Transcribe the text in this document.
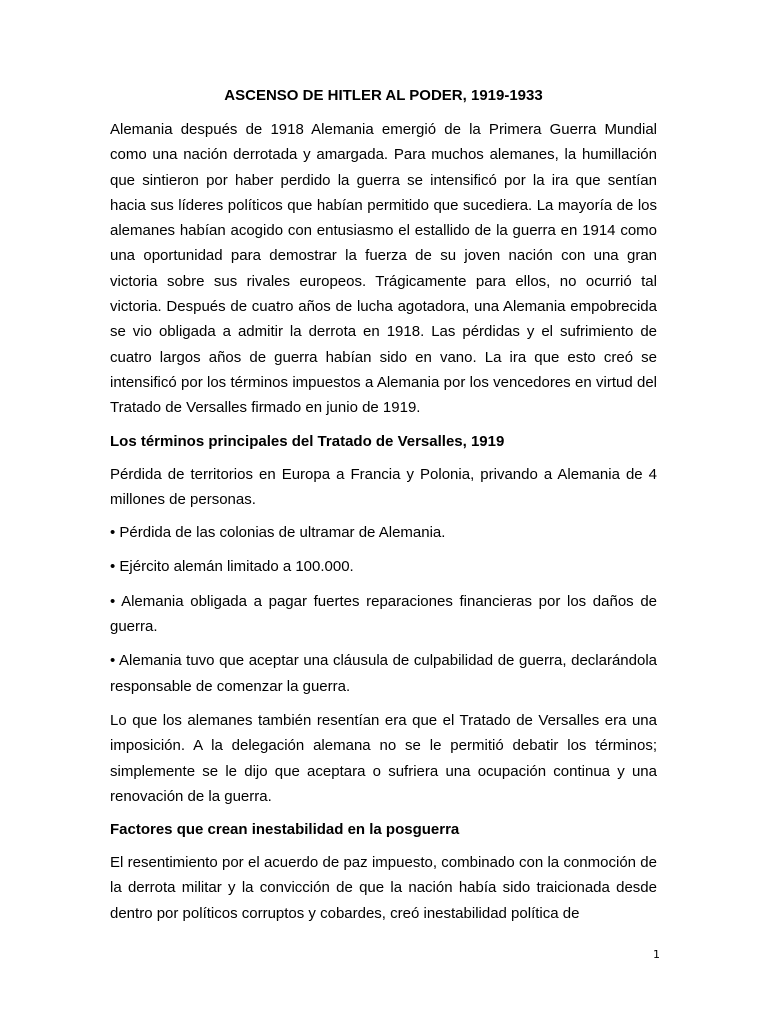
ASCENSO DE HITLER AL PODER, 1919-1933

Alemania después de 1918 Alemania emergió de la Primera Guerra Mundial como una nación derrotada y amargada. Para muchos alemanes, la humillación que sintieron por haber perdido la guerra se intensificó por la ira que sentían hacia sus líderes políticos que habían permitido que sucediera. La mayoría de los alemanes habían acogido con entusiasmo el estallido de la guerra en 1914 como una oportunidad para demostrar la fuerza de su joven nación con una gran victoria sobre sus rivales europeos. Trágicamente para ellos, no ocurrió tal victoria. Después de cuatro años de lucha agotadora, una Alemania empobrecida se vio obligada a admitir la derrota en 1918. Las pérdidas y el sufrimiento de cuatro largos años de guerra habían sido en vano. La ira que esto creó se intensificó por los términos impuestos a Alemania por los vencedores en virtud del Tratado de Versalles firmado en junio de 1919.

Los términos principales del Tratado de Versalles, 1919

Pérdida de territorios en Europa a Francia y Polonia, privando a Alemania de 4 millones de personas.

• Pérdida de las colonias de ultramar de Alemania.

• Ejército alemán limitado a 100.000.

• Alemania obligada a pagar fuertes reparaciones financieras por los daños de guerra.

• Alemania tuvo que aceptar una cláusula de culpabilidad de guerra, declarándola responsable de comenzar la guerra.

Lo que los alemanes también resentían era que el Tratado de Versalles era una imposición. A la delegación alemana no se le permitió debatir los términos; simplemente se le dijo que aceptara o sufriera una ocupación continua y una renovación de la guerra.

Factores que crean inestabilidad en la posguerra

El resentimiento por el acuerdo de paz impuesto, combinado con la conmoción de la derrota militar y la convicción de que la nación había sido traicionada desde dentro por políticos corruptos y cobardes, creó inestabilidad política de

1
